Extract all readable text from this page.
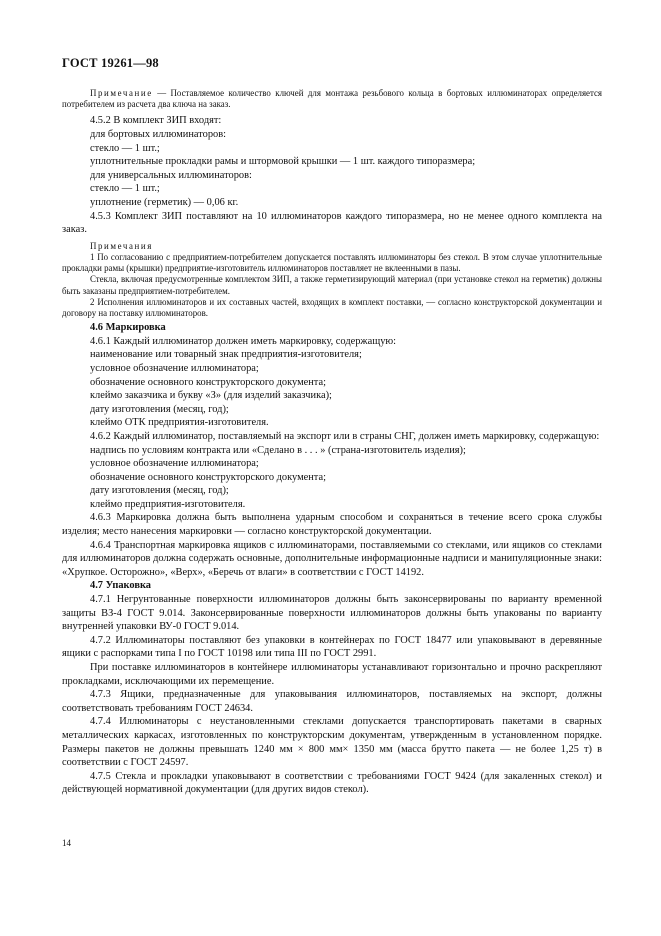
ГОСТ 19261—98
Примечание — Поставляемое количество ключей для монтажа резьбового кольца в бортовых иллюминаторах определяется потребителем из расчета два ключа на заказ.
4.5.2 В комплект ЗИП входят:
для бортовых иллюминаторов:
стекло — 1 шт.;
уплотнительные прокладки рамы и штормовой крышки — 1 шт. каждого типоразмера;
для универсальных иллюминаторов:
стекло — 1 шт.;
уплотнение (герметик) — 0,06 кг.
4.5.3 Комплект ЗИП поставляют на 10 иллюминаторов каждого типоразмера, но не менее одного комплекта на заказ.
Примечания
1 По согласованию с предприятием-потребителем допускается поставлять иллюминаторы без стекол. В этом случае уплотнительные прокладки рамы (крышки) предприятие-изготовитель иллюминаторов поставляет не вклеенными в пазы.
Стекла, включая предусмотренные комплектом ЗИП, а также герметизирующий материал (при установке стекол на герметик) должны быть заказаны предприятием-потребителем.
2 Исполнения иллюминаторов и их составных частей, входящих в комплект поставки, — согласно конструкторской документации и договору на поставку иллюминаторов.
4.6 Маркировка
4.6.1 Каждый иллюминатор должен иметь маркировку, содержащую:
наименование или товарный знак предприятия-изготовителя;
условное обозначение иллюминатора;
обозначение основного конструкторского документа;
клеймо заказчика и букву «З» (для изделий заказчика);
дату изготовления (месяц, год);
клеймо ОТК предприятия-изготовителя.
4.6.2 Каждый иллюминатор, поставляемый на экспорт или в страны СНГ, должен иметь маркировку, содержащую:
надпись по условиям контракта или «Сделано в . . . » (страна-изготовитель изделия);
условное обозначение иллюминатора;
обозначение основного конструкторского документа;
дату изготовления (месяц, год);
клеймо предприятия-изготовителя.
4.6.3 Маркировка должна быть выполнена ударным способом и сохраняться в течение всего срока службы изделия; место нанесения маркировки — согласно конструкторской документации.
4.6.4 Транспортная маркировка ящиков с иллюминаторами, поставляемыми со стеклами, или ящиков со стеклами для иллюминаторов должна содержать основные, дополнительные информационные надписи и манипуляционные знаки: «Хрупкое. Осторожно», «Верх», «Беречь от влаги» в соответствии с ГОСТ 14192.
4.7 Упаковка
4.7.1 Негрунтованные поверхности иллюминаторов должны быть законсервированы по варианту временной защиты ВЗ-4 ГОСТ 9.014. Законсервированные поверхности иллюминаторов должны быть упакованы по варианту внутренней упаковки ВУ-0 ГОСТ 9.014.
4.7.2 Иллюминаторы поставляют без упаковки в контейнерах по ГОСТ 18477 или упаковывают в деревянные ящики с распорками типа I по ГОСТ 10198 или типа III по ГОСТ 2991.
При поставке иллюминаторов в контейнере иллюминаторы устанавливают горизонтально и прочно раскрепляют прокладками, исключающими их перемещение.
4.7.3 Ящики, предназначенные для упаковывания иллюминаторов, поставляемых на экспорт, должны соответствовать требованиям ГОСТ 24634.
4.7.4 Иллюминаторы с неустановленными стеклами допускается транспортировать пакетами в сварных металлических каркасах, изготовленных по конструкторским документам, утвержденным в установленном порядке. Размеры пакетов не должны превышать 1240 мм × 800 мм× 1350 мм (масса брутто пакета — не более 1,25 т) в соответствии с ГОСТ 24597.
4.7.5 Стекла и прокладки упаковывают в соответствии с требованиями ГОСТ 9424 (для закаленных стекол) и действующей нормативной документации (для других видов стекол).
14
